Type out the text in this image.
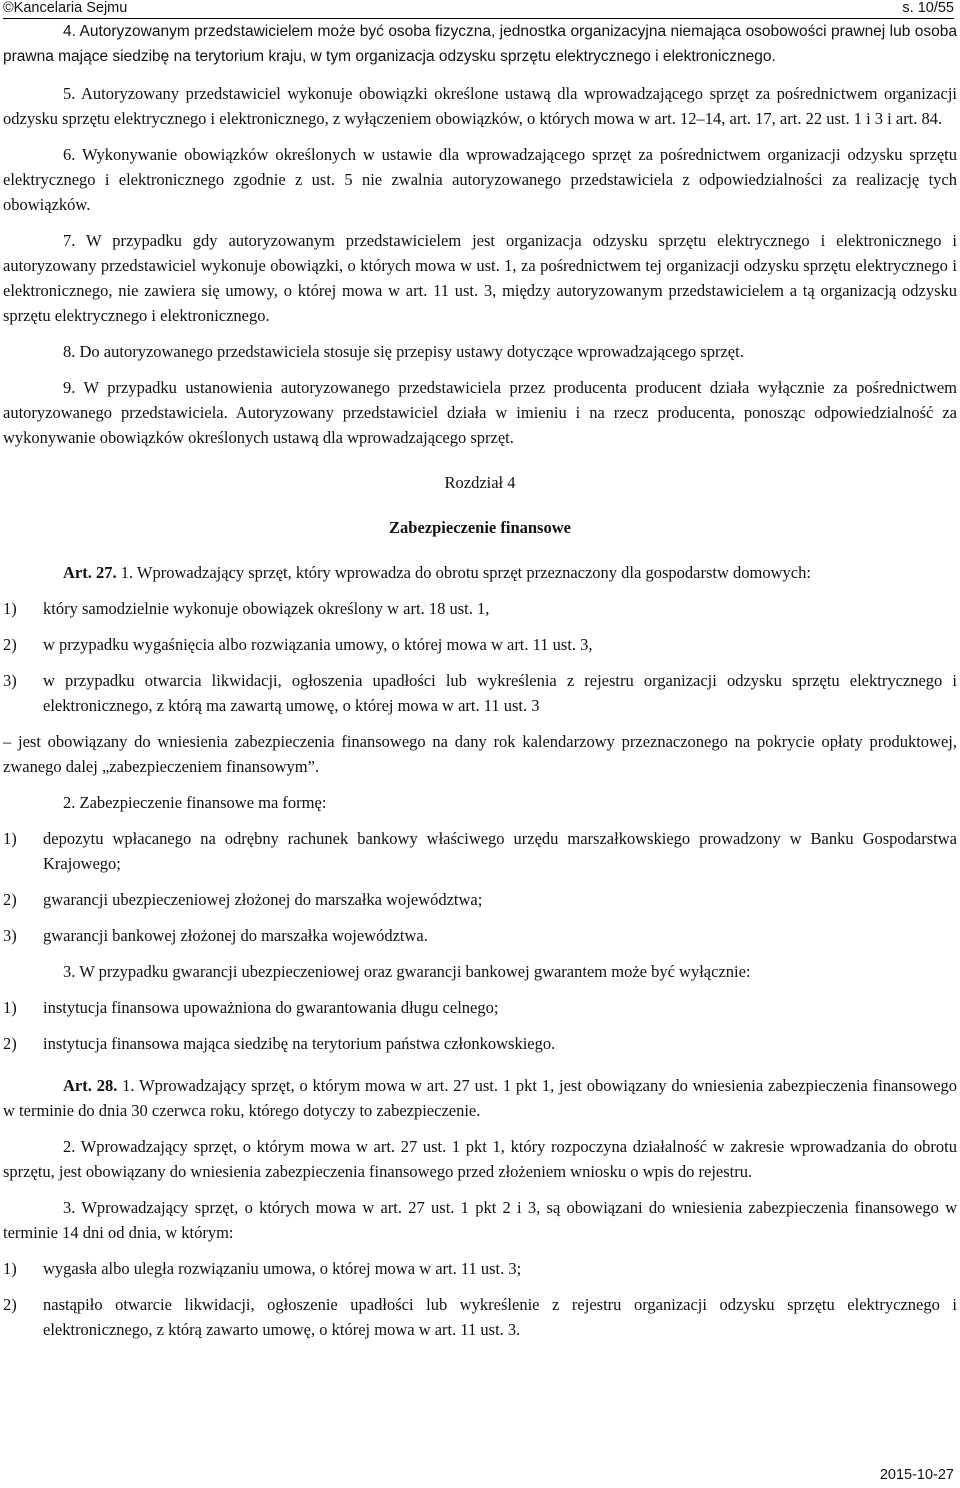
©Kancelaria Sejmu	s. 10/55

4. Autoryzowanym przedstawicielem może być osoba fizyczna, jednostka organizacyjna niemająca osobowości prawnej lub osoba prawna mające siedzibę na terytorium kraju, w tym organizacja odzysku sprzętu elektrycznego i elektronicznego.

5. Autoryzowany przedstawiciel wykonuje obowiązki określone ustawą dla wprowadzającego sprzęt za pośrednictwem organizacji odzysku sprzętu elektrycznego i elektronicznego, z wyłączeniem obowiązków, o których mowa w art. 12–14, art. 17, art. 22 ust. 1 i 3 i art. 84.

6. Wykonywanie obowiązków określonych w ustawie dla wprowadzającego sprzęt za pośrednictwem organizacji odzysku sprzętu elektrycznego i elektronicznego zgodnie z ust. 5 nie zwalnia autoryzowanego przedstawiciela z odpowiedzialności za realizację tych obowiązków.

7. W przypadku gdy autoryzowanym przedstawicielem jest organizacja odzysku sprzętu elektrycznego i elektronicznego i autoryzowany przedstawiciel wykonuje obowiązki, o których mowa w ust. 1, za pośrednictwem tej organizacji odzysku sprzętu elektrycznego i elektronicznego, nie zawiera się umowy, o której mowa w art. 11 ust. 3, między autoryzowanym przedstawicielem a tą organizacją odzysku sprzętu elektrycznego i elektronicznego.

8. Do autoryzowanego przedstawiciela stosuje się przepisy ustawy dotyczące wprowadzającego sprzęt.

9. W przypadku ustanowienia autoryzowanego przedstawiciela przez producenta producent działa wyłącznie za pośrednictwem autoryzowanego przedstawiciela. Autoryzowany przedstawiciel działa w imieniu i na rzecz producenta, ponosząc odpowiedzialność za wykonywanie obowiązków określonych ustawą dla wprowadzającego sprzęt.

Rozdział 4

Zabezpieczenie finansowe

Art. 27. 1. Wprowadzający sprzęt, który wprowadza do obrotu sprzęt przeznaczony dla gospodarstw domowych:

1) który samodzielnie wykonuje obowiązek określony w art. 18 ust. 1,
2) w przypadku wygaśnięcia albo rozwiązania umowy, o której mowa w art. 11 ust. 3,
3) w przypadku otwarcia likwidacji, ogłoszenia upadłości lub wykreślenia z rejestru organizacji odzysku sprzętu elektrycznego i elektronicznego, z którą ma zawartą umowę, o której mowa w art. 11 ust. 3

– jest obowiązany do wniesienia zabezpieczenia finansowego na dany rok kalendarzowy przeznaczonego na pokrycie opłaty produktowej, zwanego dalej „zabezpieczeniem finansowym”.

2. Zabezpieczenie finansowe ma formę:

1) depozytu wpłacanego na odrębny rachunek bankowy właściwego urzędu marszałkowskiego prowadzony w Banku Gospodarstwa Krajowego;
2) gwarancji ubezpieczeniowej złożonej do marszałka województwa;
3) gwarancji bankowej złożonej do marszałka województwa.

3. W przypadku gwarancji ubezpieczeniowej oraz gwarancji bankowej gwarantem może być wyłącznie:

1) instytucja finansowa upoważniona do gwarantowania długu celnego;
2) instytucja finansowa mająca siedzibę na terytorium państwa członkowskiego.

Art. 28. 1. Wprowadzający sprzęt, o którym mowa w art. 27 ust. 1 pkt 1, jest obowiązany do wniesienia zabezpieczenia finansowego w terminie do dnia 30 czerwca roku, którego dotyczy to zabezpieczenie.

2. Wprowadzający sprzęt, o którym mowa w art. 27 ust. 1 pkt 1, który rozpoczyna działalność w zakresie wprowadzania do obrotu sprzętu, jest obowiązany do wniesienia zabezpieczenia finansowego przed złożeniem wniosku o wpis do rejestru.

3. Wprowadzający sprzęt, o których mowa w art. 27 ust. 1 pkt 2 i 3, są obowiązani do wniesienia zabezpieczenia finansowego w terminie 14 dni od dnia, w którym:

1) wygasła albo uległa rozwiązaniu umowa, o której mowa w art. 11 ust. 3;
2) nastąpiło otwarcie likwidacji, ogłoszenie upadłości lub wykreślenie z rejestru organizacji odzysku sprzętu elektrycznego i elektronicznego, z którą zawarto umowę, o której mowa w art. 11 ust. 3.
2015-10-27
